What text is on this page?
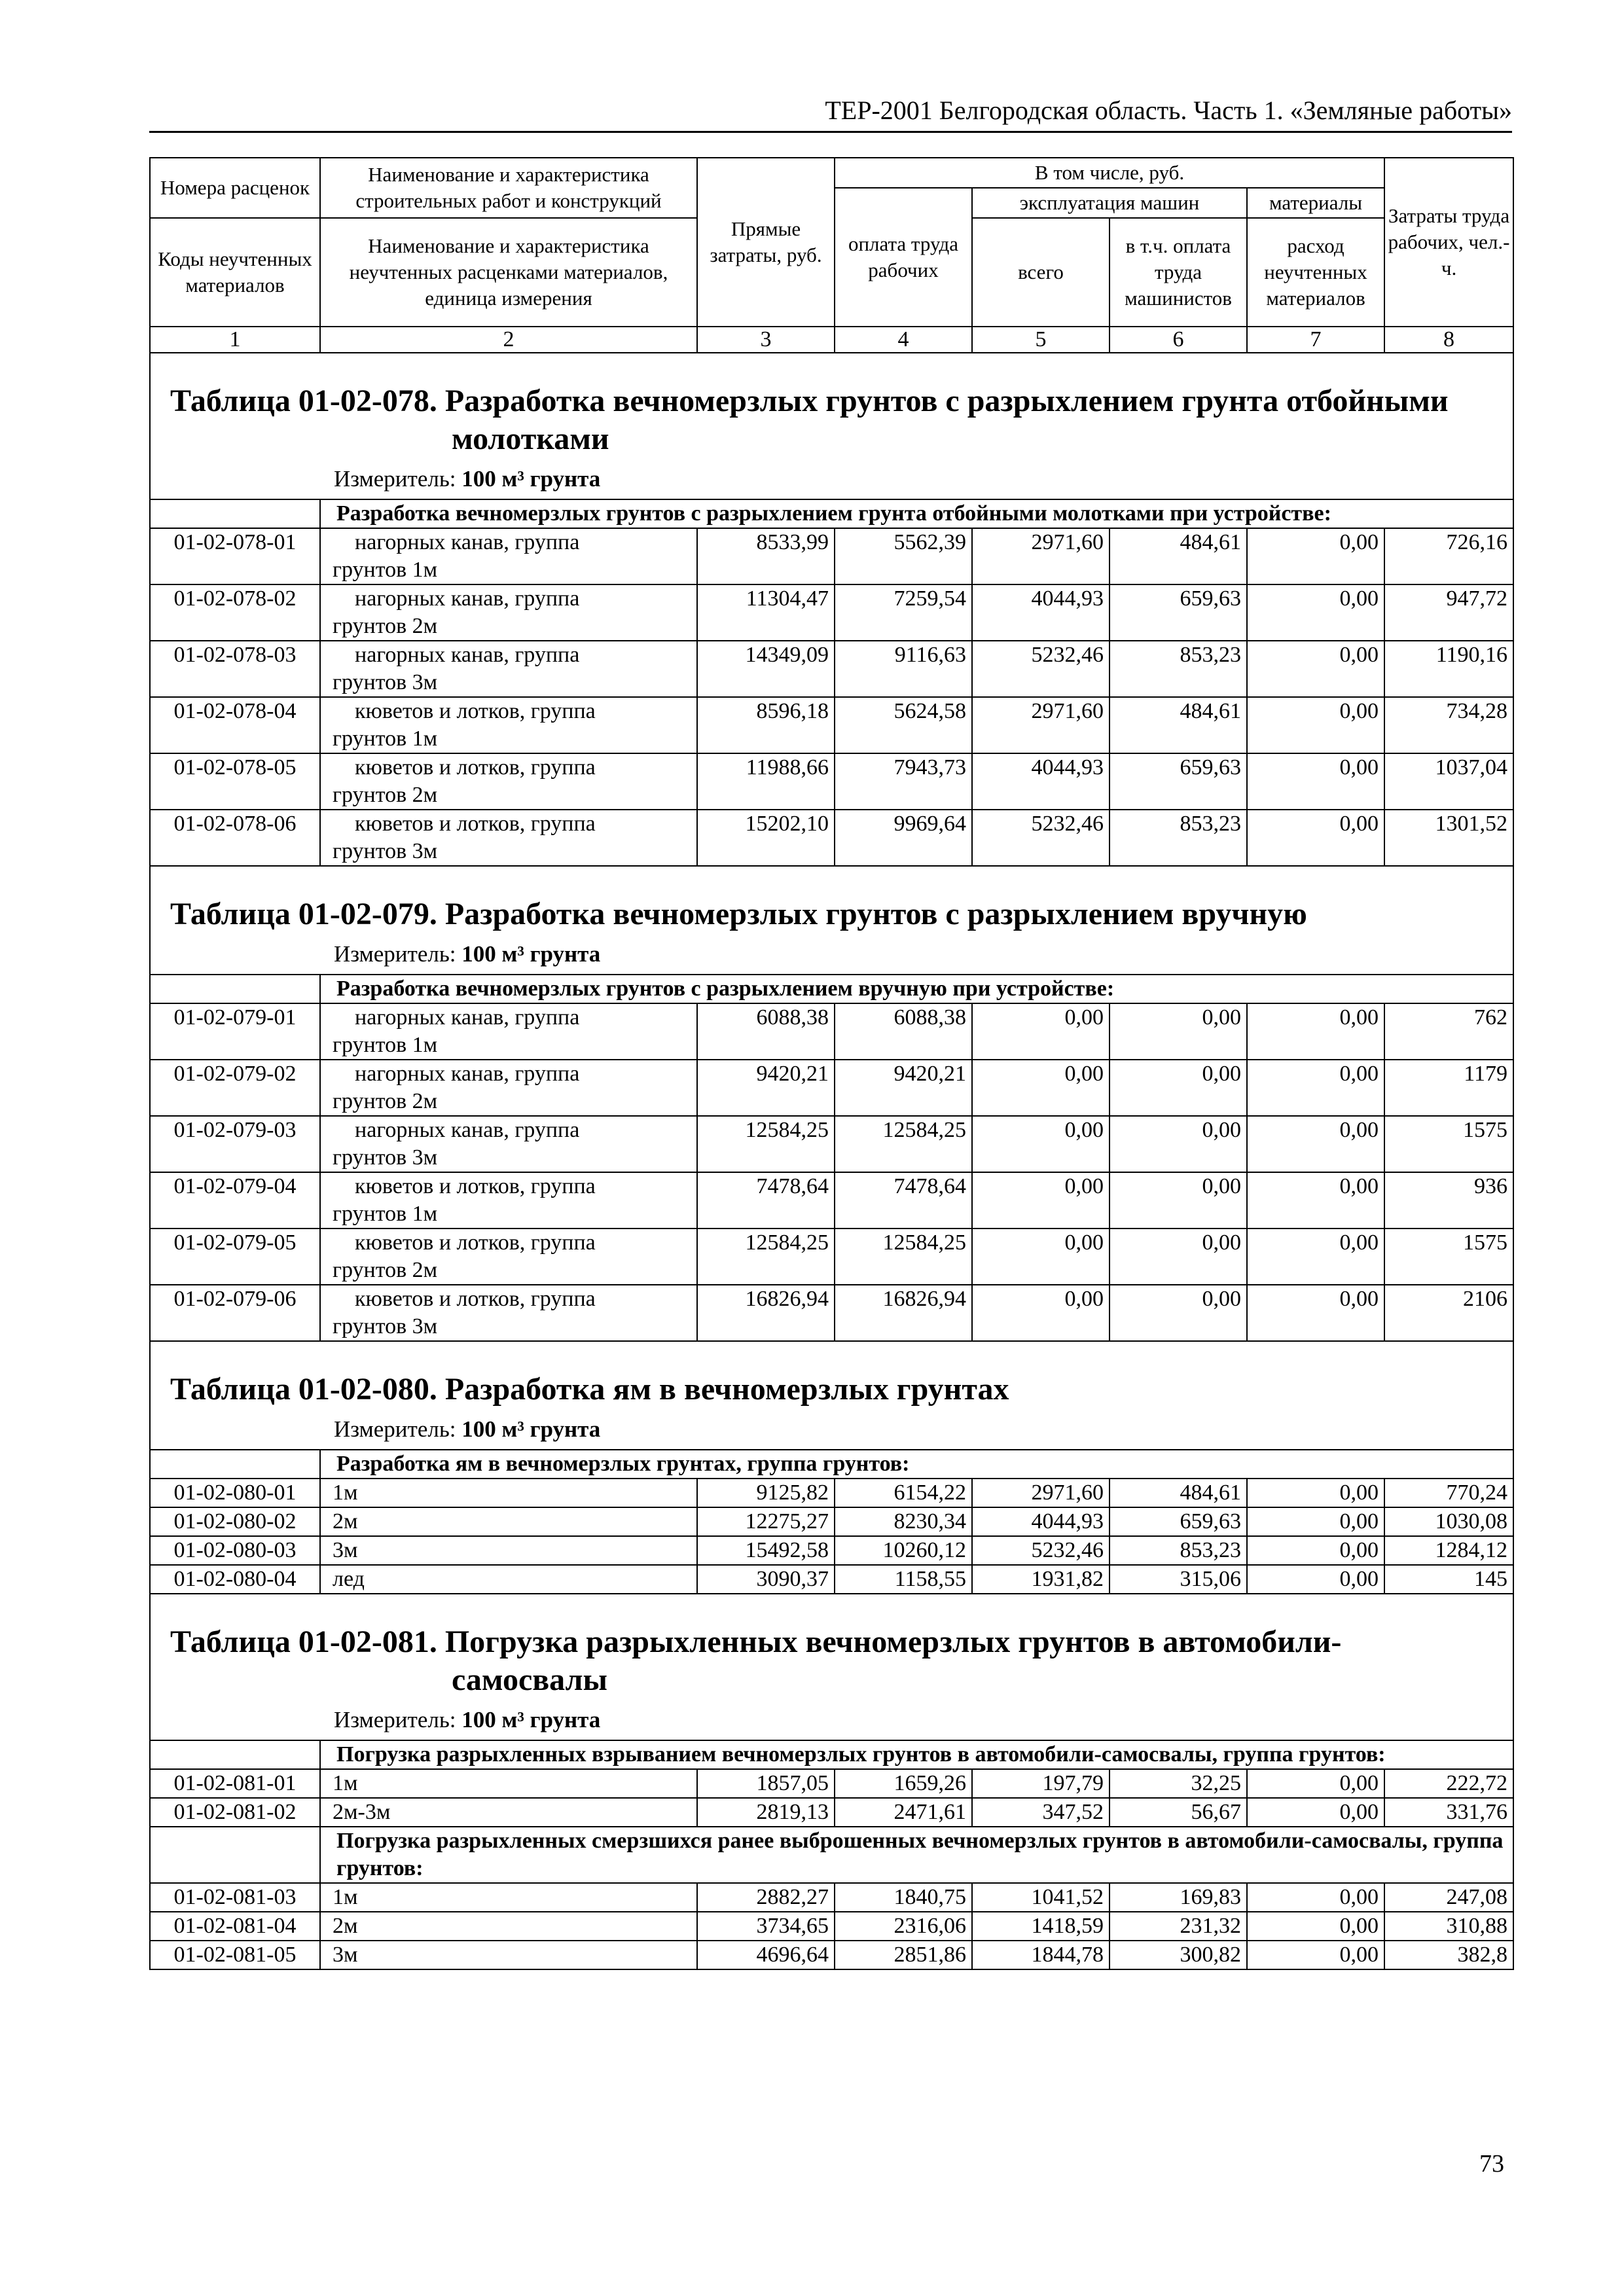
ТЕР-2001 Белгородская область. Часть 1. «Земляные работы»
Номера расценок	Наименование и характеристика строительных работ и конструкций	Прямые затраты, руб.	В том числе, руб.				Затраты труда рабочих, чел.-ч.
			оплата труда рабочих	эксплуатация машин		материалы	
Коды неучтенных материалов	Наименование и характеристика неучтенных расценками материалов, единица измерения			всего	в т.ч. оплата труда машинистов	расход неучтенных материалов	

1	2	3	4	5	6	7	8

Таблица 01-02-078. Разработка вечномерзлых грунтов с разрыхлением грунта отбойными
молотками
Измеритель: 100 м³ грунта							

	Разработка вечномерзлых грунтов с разрыхлением грунта отбойными молотками при устройстве:						
01-02-078-01	нагорных канав, группа
грунтов 1м	8533,99	5562,39	2971,60	484,61	0,00	726,16
01-02-078-02	нагорных канав, группа
грунтов 2м	11304,47	7259,54	4044,93	659,63	0,00	947,72
01-02-078-03	нагорных канав, группа
грунтов 3м	14349,09	9116,63	5232,46	853,23	0,00	1190,16
01-02-078-04	кюветов и лотков, группа
грунтов 1м	8596,18	5624,58	2971,60	484,61	0,00	734,28
01-02-078-05	кюветов и лотков, группа
грунтов 2м	11988,66	7943,73	4044,93	659,63	0,00	1037,04
01-02-078-06	кюветов и лотков, группа
грунтов 3м	15202,10	9969,64	5232,46	853,23	0,00	1301,52

Таблица 01-02-079. Разработка вечномерзлых грунтов с разрыхлением вручную
Измеритель: 100 м³ грунта							

	Разработка вечномерзлых грунтов с разрыхлением вручную при устройстве:						
01-02-079-01	нагорных канав, группа
грунтов 1м	6088,38	6088,38	0,00	0,00	0,00	762
01-02-079-02	нагорных канав, группа
грунтов 2м	9420,21	9420,21	0,00	0,00	0,00	1179
01-02-079-03	нагорных канав, группа
грунтов 3м	12584,25	12584,25	0,00	0,00	0,00	1575
01-02-079-04	кюветов и лотков, группа
грунтов 1м	7478,64	7478,64	0,00	0,00	0,00	936
01-02-079-05	кюветов и лотков, группа
грунтов 2м	12584,25	12584,25	0,00	0,00	0,00	1575
01-02-079-06	кюветов и лотков, группа
грунтов 3м	16826,94	16826,94	0,00	0,00	0,00	2106

Таблица 01-02-080. Разработка ям в вечномерзлых грунтах
Измеритель: 100 м³ грунта							

	Разработка ям в вечномерзлых грунтах, группа грунтов:						
01-02-080-01	1м	9125,82	6154,22	2971,60	484,61	0,00	770,24
01-02-080-02	2м	12275,27	8230,34	4044,93	659,63	0,00	1030,08
01-02-080-03	3м	15492,58	10260,12	5232,46	853,23	0,00	1284,12
01-02-080-04	лед	3090,37	1158,55	1931,82	315,06	0,00	145

Таблица 01-02-081. Погрузка разрыхленных вечномерзлых грунтов в автомобили-
самосвалы
Измеритель: 100 м³ грунта							

	Погрузка разрыхленных взрыванием вечномерзлых грунтов в автомобили-самосвалы, группа грунтов:						
01-02-081-01	1м	1857,05	1659,26	197,79	32,25	0,00	222,72
01-02-081-02	2м-3м	2819,13	2471,61	347,52	56,67	0,00	331,76
	Погрузка разрыхленных смерзшихся ранее выброшенных вечномерзлых грунтов в автомобили-самосвалы, группа грунтов:						
01-02-081-03	1м	2882,27	1840,75	1041,52	169,83	0,00	247,08
01-02-081-04	2м	3734,65	2316,06	1418,59	231,32	0,00	310,88
01-02-081-05	3м	4696,64	2851,86	1844,78	300,82	0,00	382,8
73
